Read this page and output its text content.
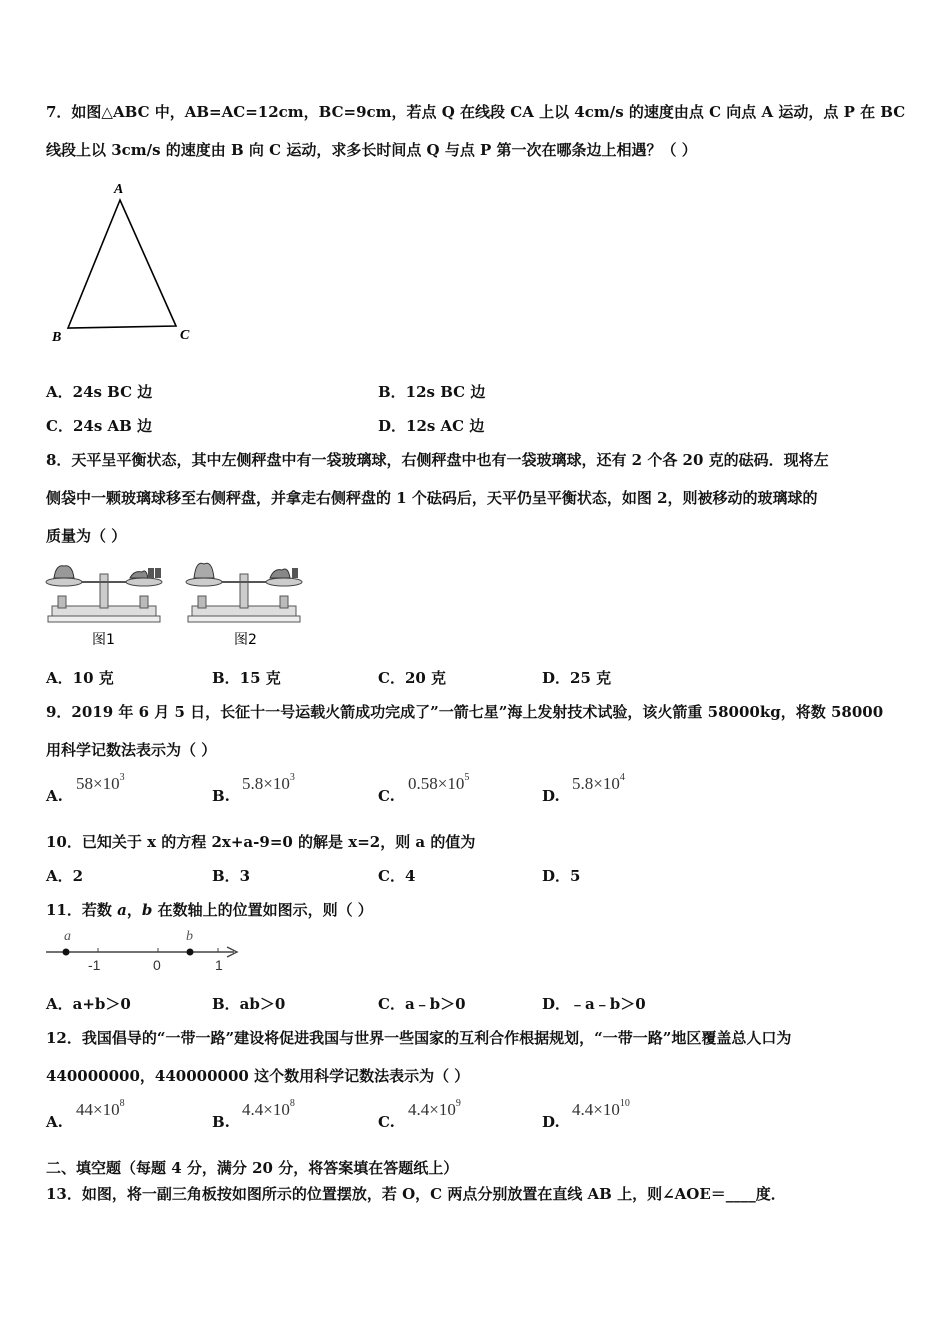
7．如图△ABC 中，AB=AC=12cm，BC=9cm，若点 Q 在线段 CA 上以 4cm/s 的速度由点 C 向点 A 运动，点 P 在 BC
线段上以 3cm/s 的速度由 B 向 C 运动，求多长时间点 Q 与点 P 第一次在哪条边上相遇？（ ）
A
B	C
A．24s BC 边	B．12s BC 边
C．24s AB 边	D．12s AC 边
8．天平呈平衡状态，其中左侧秤盘中有一袋玻璃球，右侧秤盘中也有一袋玻璃球，还有 2 个各 20 克的砝码．现将左
侧袋中一颗玻璃球移至右侧秤盘，并拿走右侧秤盘的 1 个砝码后，天平仍呈平衡状态，如图 2，则被移动的玻璃球的
质量为（ ）
图1	图2
A．10 克	B．15 克	C．20 克	D．25 克
9．2019 年 6 月 5 日，长征十一号运载火箭成功完成了”一箭七星”海上发射技术试验，该火箭重 58000kg，将数 58000
用科学记数法表示为（ ）
A.
$58\times 10^3$
B.
$5.8\times 10^3$
C.
$0.58\times 10^5$
D.
$5.8\times 10^4$
10．已知关于 x 的方程 2x+a-9=0 的解是 x=2，则 a 的值为
A．2	B．3	C．4	D．5
11．若数 a，b 在数轴上的位置如图示，则（ ）
a	b
-1	0	1
A．a+b＞0	B．ab＞0	C．a﹣b＞0	D．﹣a﹣b＞0
12．我国倡导的“一带一路”建设将促进我国与世界一些国家的互利合作根据规划，“一带一路”地区覆盖总人口为
440000000，440000000 这个数用科学记数法表示为（ ）
A.
$44\times 10^8$
B.
$4.4\times 10^8$
C.
$4.4\times 10^9$
D.
$4.4\times 10^{10}$
二、填空题（每题 4 分，满分 20 分，将答案填在答题纸上）
13．如图，将一副三角板按如图所示的位置摆放，若 O，C 两点分别放置在直线 AB 上，则∠AOE＝____度．
